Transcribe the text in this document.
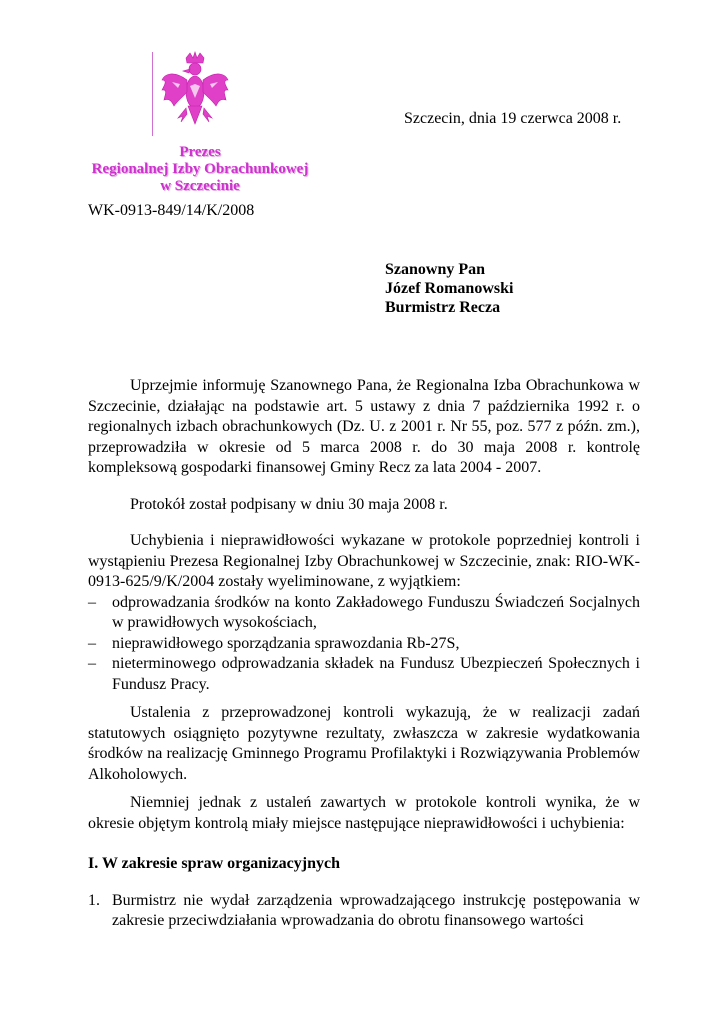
Prezes
Regionalnej Izby Obrachunkowej
w Szczecinie
WK-0913-849/14/K/2008
Szczecin, dnia 19 czerwca 2008 r.
Szanowny Pan
Józef Romanowski
Burmistrz Recza

Uprzejmie informuję Szanownego Pana, że Regionalna Izba Obrachunkowa w Szczecinie, działając na podstawie art. 5 ustawy z dnia 7 października 1992 r. o regionalnych izbach obrachunkowych (Dz. U. z 2001 r. Nr 55, poz. 577 z późn. zm.), przeprowadziła w okresie od 5 marca 2008 r. do 30 maja 2008 r. kontrolę kompleksową gospodarki finansowej Gminy Recz za lata 2004 - 2007.

Protokół został podpisany w dniu 30 maja 2008 r.

Uchybienia i nieprawidłowości wykazane w protokole poprzedniej kontroli i wystąpieniu Prezesa Regionalnej Izby Obrachunkowej w Szczecinie, znak: RIO-WK-0913-625/9/K/2004 zostały wyeliminowane, z wyjątkiem:

– odprowadzania środków na konto Zakładowego Funduszu Świadczeń Socjalnych w prawidłowych wysokościach,
– nieprawidłowego sporządzania sprawozdania Rb-27S,
– nieterminowego odprowadzania składek na Fundusz Ubezpieczeń Społecznych i Fundusz Pracy.

Ustalenia z przeprowadzonej kontroli wykazują, że w realizacji zadań statutowych osiągnięto pozytywne rezultaty, zwłaszcza w zakresie wydatkowania środków na realizację Gminnego Programu Profilaktyki i Rozwiązywania Problemów Alkoholowych.

Niemniej jednak z ustaleń zawartych w protokole kontroli wynika, że w okresie objętym kontrolą miały miejsce następujące nieprawidłowości i uchybienia:

I. W zakresie spraw organizacyjnych

1. Burmistrz nie wydał zarządzenia wprowadzającego instrukcję postępowania w zakresie przeciwdziałania wprowadzania do obrotu finansowego wartości
